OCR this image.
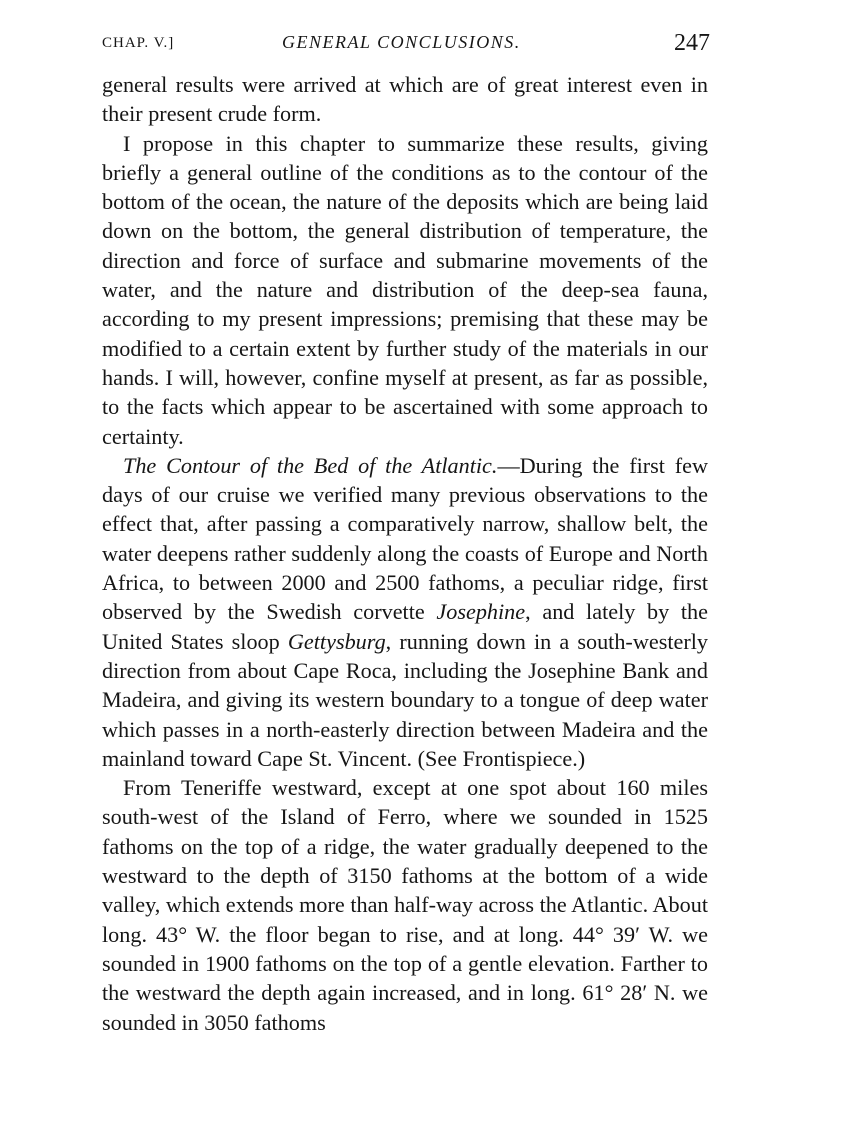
CHAP. V.]	GENERAL CONCLUSIONS.	247

general results were arrived at which are of great interest even in their present crude form.

I propose in this chapter to summarize these results, giving briefly a general outline of the conditions as to the contour of the bottom of the ocean, the nature of the deposits which are being laid down on the bottom, the general distribution of temperature, the direction and force of surface and submarine movements of the water, and the nature and distribution of the deep-sea fauna, according to my present impressions; premising that these may be modified to a certain extent by further study of the materials in our hands. I will, however, confine myself at present, as far as possible, to the facts which appear to be ascertained with some approach to certainty.

The Contour of the Bed of the Atlantic.—During the first few days of our cruise we verified many previous observations to the effect that, after passing a comparatively narrow, shallow belt, the water deepens rather suddenly along the coasts of Europe and North Africa, to between 2000 and 2500 fathoms, a peculiar ridge, first observed by the Swedish corvette Josephine, and lately by the United States sloop Gettysburg, running down in a south-westerly direction from about Cape Roca, including the Josephine Bank and Madeira, and giving its western boundary to a tongue of deep water which passes in a north-easterly direction between Madeira and the mainland toward Cape St. Vincent. (See Frontispiece.)

From Teneriffe westward, except at one spot about 160 miles south-west of the Island of Ferro, where we sounded in 1525 fathoms on the top of a ridge, the water gradually deepened to the westward to the depth of 3150 fathoms at the bottom of a wide valley, which extends more than half-way across the Atlantic. About long. 43° W. the floor began to rise, and at long. 44° 39′ W. we sounded in 1900 fathoms on the top of a gentle elevation. Farther to the westward the depth again increased, and in long. 61° 28′ N. we sounded in 3050 fathoms
